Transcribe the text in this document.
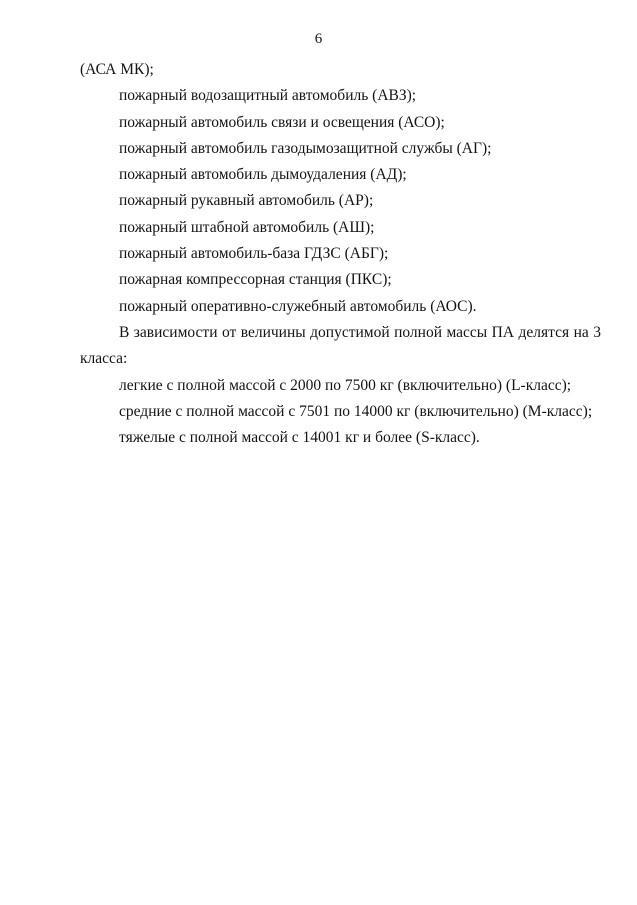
6
(АСА МК);
пожарный водозащитный автомобиль (АВЗ);
пожарный автомобиль связи и освещения (АСО);
пожарный автомобиль газодымозащитной службы (АГ);
пожарный автомобиль дымоудаления (АД);
пожарный рукавный автомобиль (АР);
пожарный штабной автомобиль (АШ);
пожарный автомобиль-база ГДЗС (АБГ);
пожарная компрессорная станция (ПКС);
пожарный оперативно-служебный автомобиль (АОС).
В зависимости от величины допустимой полной массы ПА делятся на 3
класса:
легкие с полной массой с 2000 по 7500 кг (включительно) (L-класс);
средние с полной массой с 7501 по 14000 кг (включительно) (M-класс);
тяжелые с полной массой с 14001 кг и более (S-класс).
